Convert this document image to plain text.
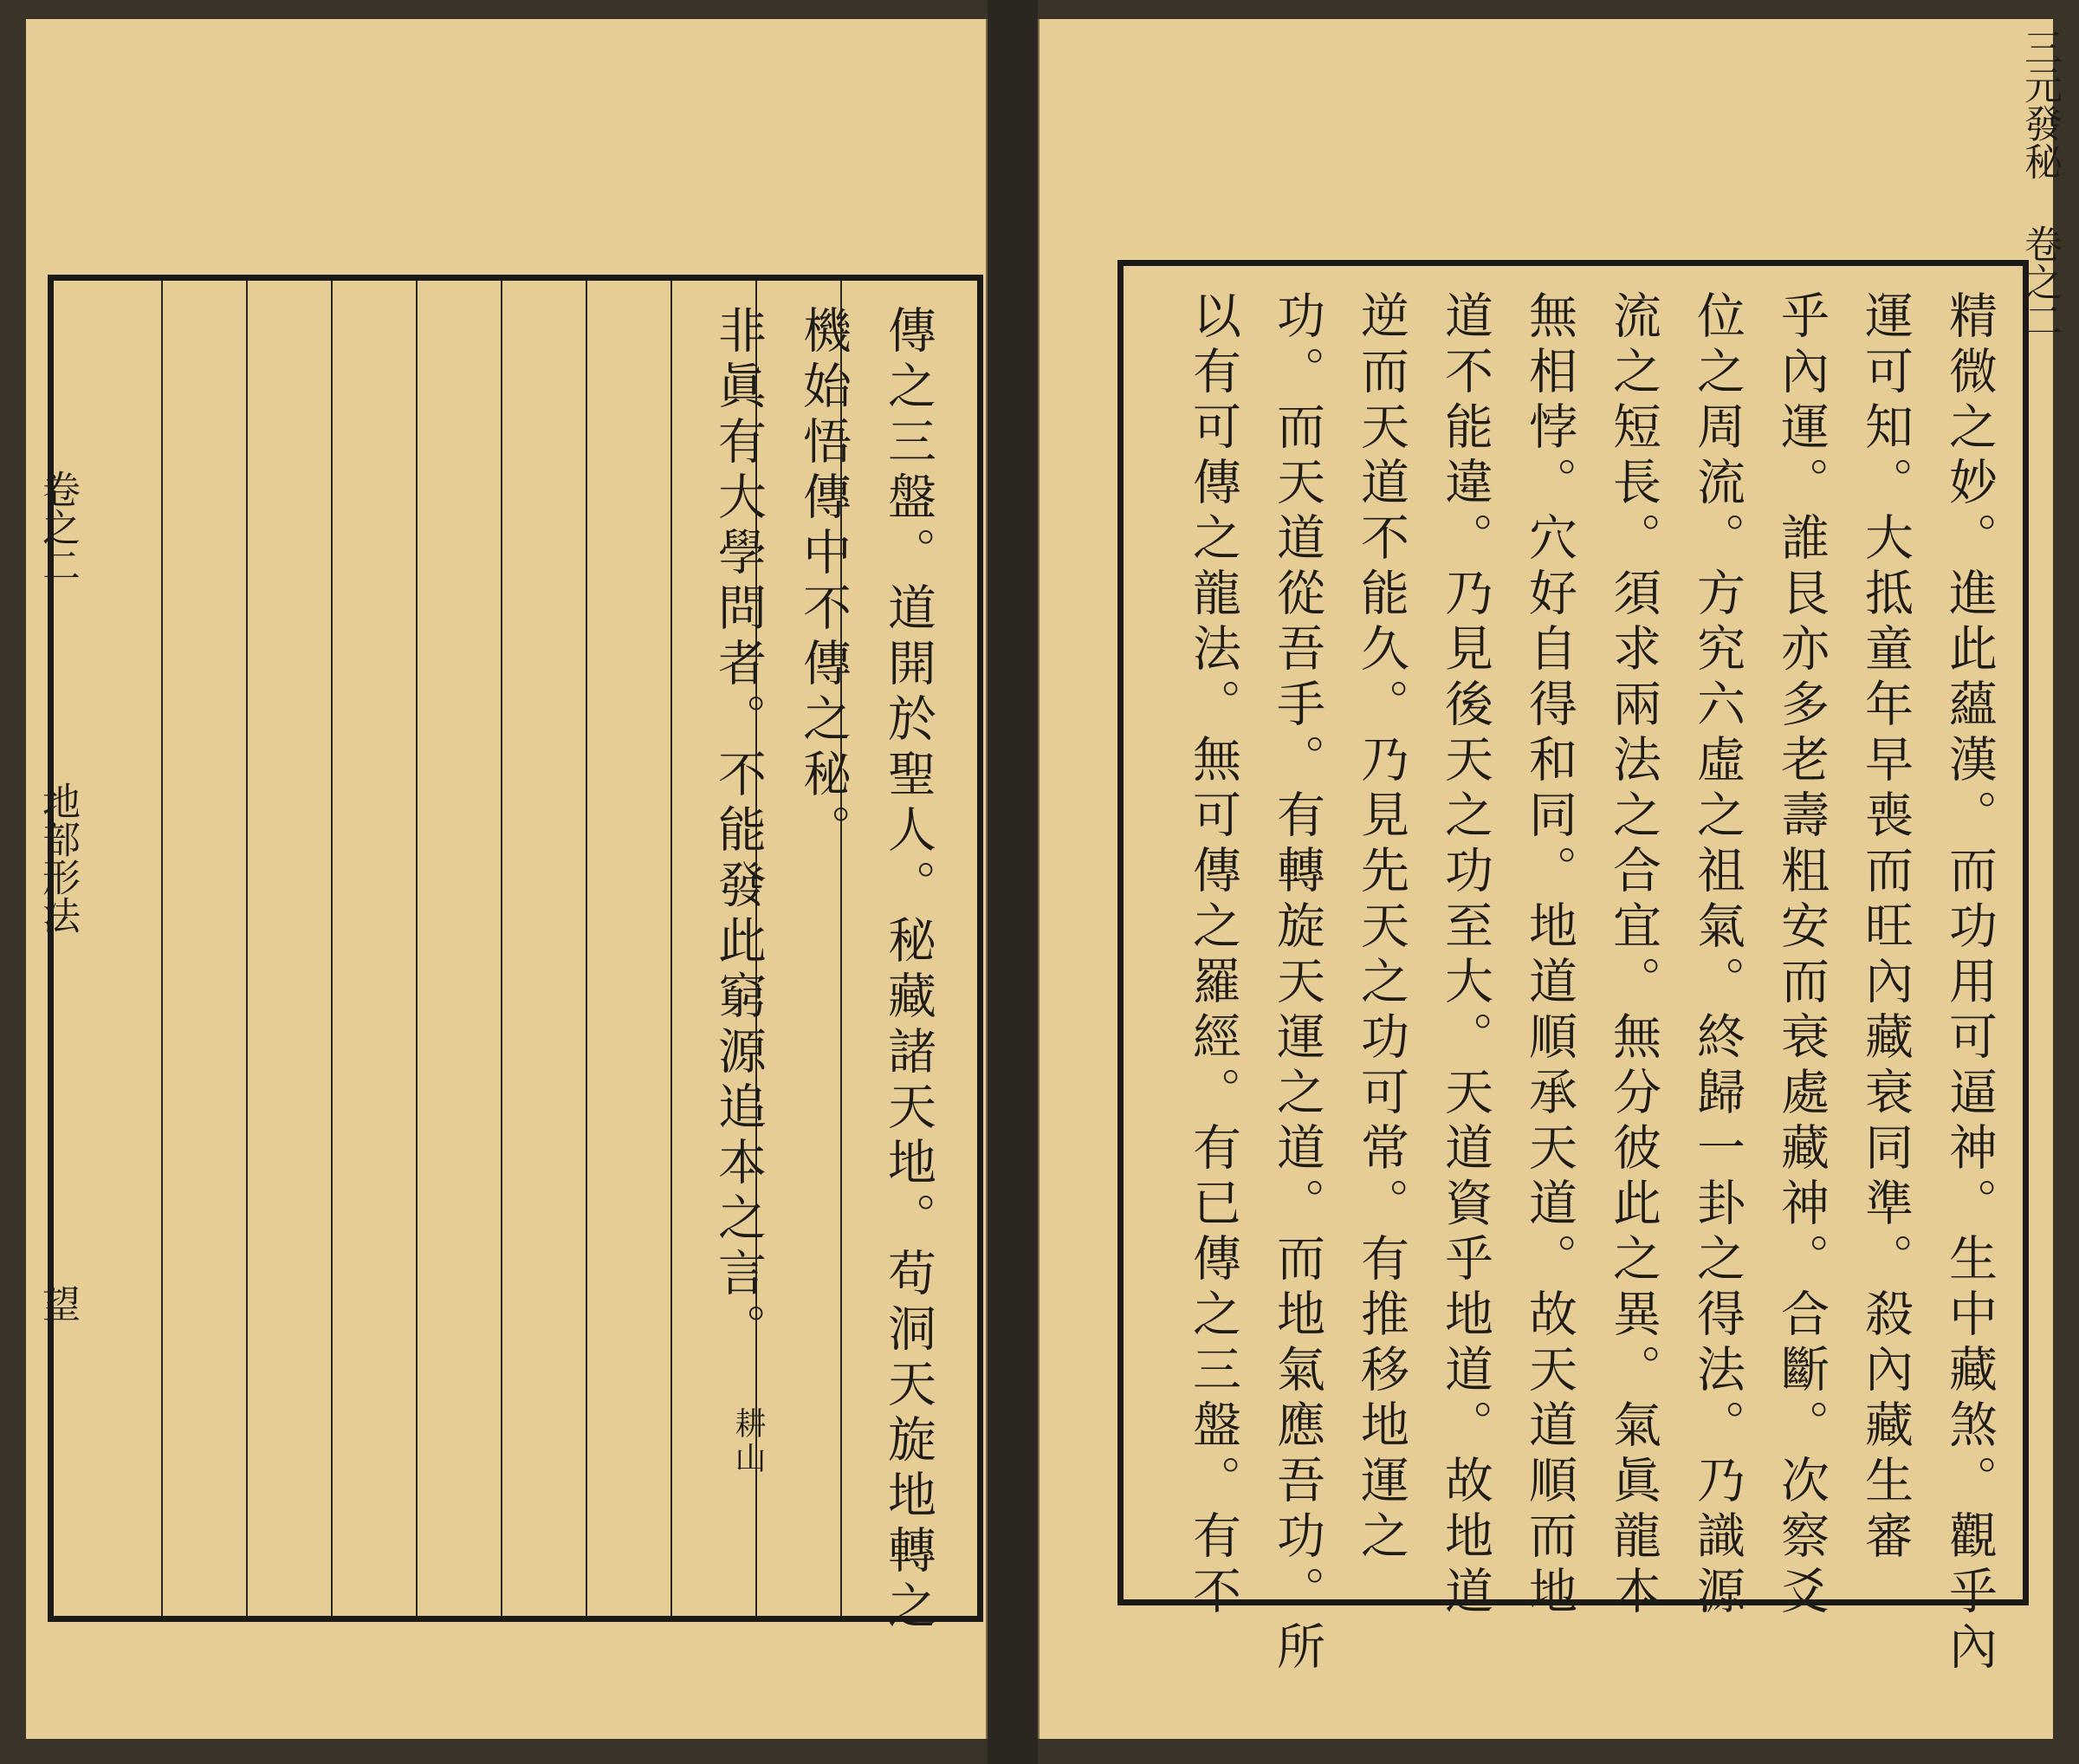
卷之二
地部形法
望	傳之三盤。道開於聖人。秘藏諸天地。苟洞天旋地轉之
機始悟傳中不傳之秘。
非眞有大學問者。不能發此窮源追本之言。
耕山
三元發秘 卷之二
精微之妙。進此蘊漢。而功用可逼神。生中藏煞。觀乎內
運可知。大抵童年早喪而旺內藏衰同準。殺內藏生審
乎內運。誰艮亦多老壽粗安而衰處藏神。合斷。次察爻
位之周流。方究六虛之祖氣。終歸一卦之得法。乃識源
流之短長。須求兩法之合宜。無分彼此之異。氣眞龍本
無相悖。穴好自得和同。地道順承天道。故天道順而地
道不能違。乃見後天之功至大。天道資乎地道。故地道
逆而天道不能久。乃見先天之功可常。有推移地運之
功。而天道從吾手。有轉旋天運之道。而地氣應吾功。所
以有可傳之龍法。無可傳之羅經。有已傳之三盤。有不
